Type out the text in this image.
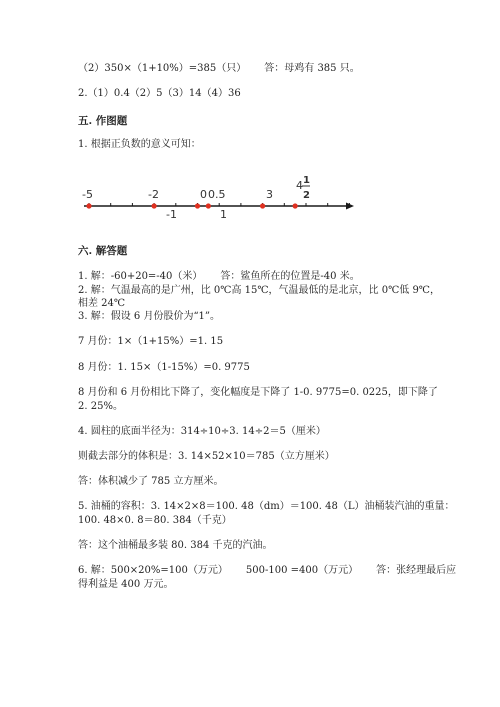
（2）350×（1+10%）=385（只） 答：母鸡有 385 只。
2.（1）0.4（2）5（3）14（4）36
五. 作图题
1. 根据正负数的意义可知：
-5	-2	0 0.5	3
4 1
2
-1	1
六. 解答题
1. 解：-60+20=-40（米） 答：鲨鱼所在的位置是-40 米。
2. 解：气温最高的是广州，比 0℃高 15℃，气温最低的是北京，比 0℃低 9℃，
相差 24℃
3. 解：假设 6 月份股价为“1”。
7 月份：1×（1+15%）=1. 15
8 月份：1. 15×（1-15%）=0. 9775
8 月份和 6 月份相比下降了，变化幅度是下降了 1-0. 9775=0. 0225，即下降了
2. 25%。
4. 圆柱的底面半径为：314÷10÷3. 14÷2＝5（厘米）
则截去部分的体积是：3. 14×52×10＝785（立方厘米）
答：体积减少了 785 立方厘米。
5. 油桶的容积：3. 14×2×8＝100. 48（dm）＝100. 48（L）油桶装汽油的重量：
100. 48×0. 8＝80. 384（千克）
答：这个油桶最多装 80. 384 千克的汽油。
6. 解：500×20%=100（万元） 500-100 =400（万元） 答：张经理最后应
得利益是 400 万元。
